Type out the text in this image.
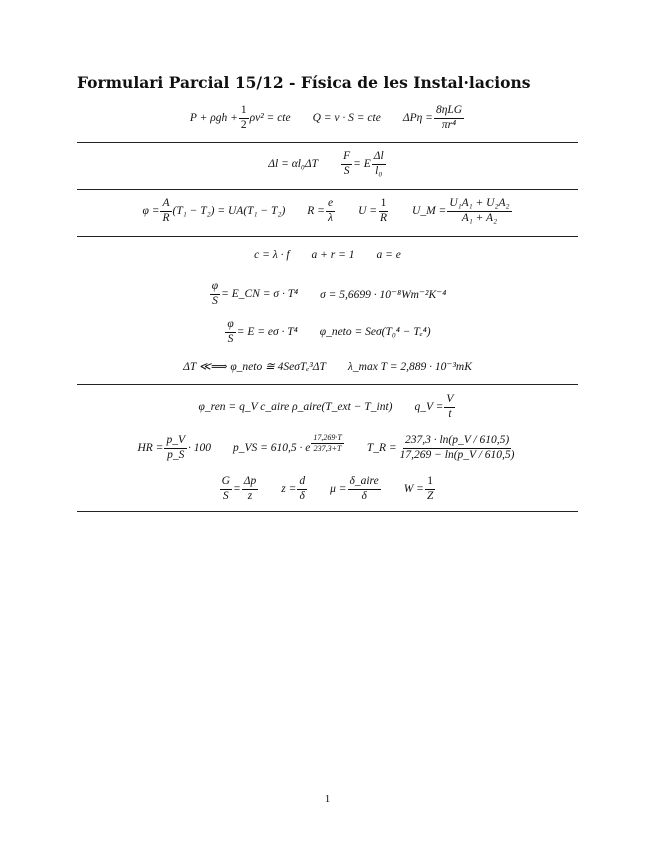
Formulari Parcial 15/12 - Física de les Instal·lacions
$P + \rho gh + \frac{1}{2} \rho v^2$ = cte Q = v · S = cte ΔPη =
8ηLG
πr⁴
$\Delta l = \alpha l_0\Delta T \frac{F}{S} = E \frac{\Delta l}{\text{l₀}}$
$\varphi = \frac{A}{R} (T_1 - T_2) = UA(T_1 - T_2) R = \frac{e}{\lambda}$ $U = \frac{1}{R}$ U_M = $\frac{\text{U₁A₁ + U₂A₂}}{\text{A₁ + A₂}}$
c = λ · f a + r = 1 a = e
$\frac{\varphi}{S}$ = E_CN = σ · T⁴ σ = 5,6699 · 10⁻⁸Wm⁻²K⁻⁴
$\frac{\varphi}{S} = E = e\sigma \cdot T^4$ φ_neto = Seσ(T₀⁴ − Tₑ⁴)
ΔT ≪⟹ φ_neto ≅ 4SeσTₑ³ΔT λ_max T = 2,889 · 10⁻³mK
φ_ren = q_V c_aire ρ_aire(T_ext − T_int) q_V = $\frac{V}{t}$
HR = $\frac{p\_V}{p\_S} \cdot 100$ p_VS = 610,5 · e $\frac{17,269\cdot T}{237,3+T}$ T_R = $\frac{237,3 \cdot \ln(p\_V / 610,5)}{17,269 - \ln(p\_V / 610,5)}$
$\frac{G}{S} = \frac{\Delta p}{z}$ $z = \frac{d}{\delta}$ μ =
δ_aire
δ
$W = \frac{1}{Z}$
1
